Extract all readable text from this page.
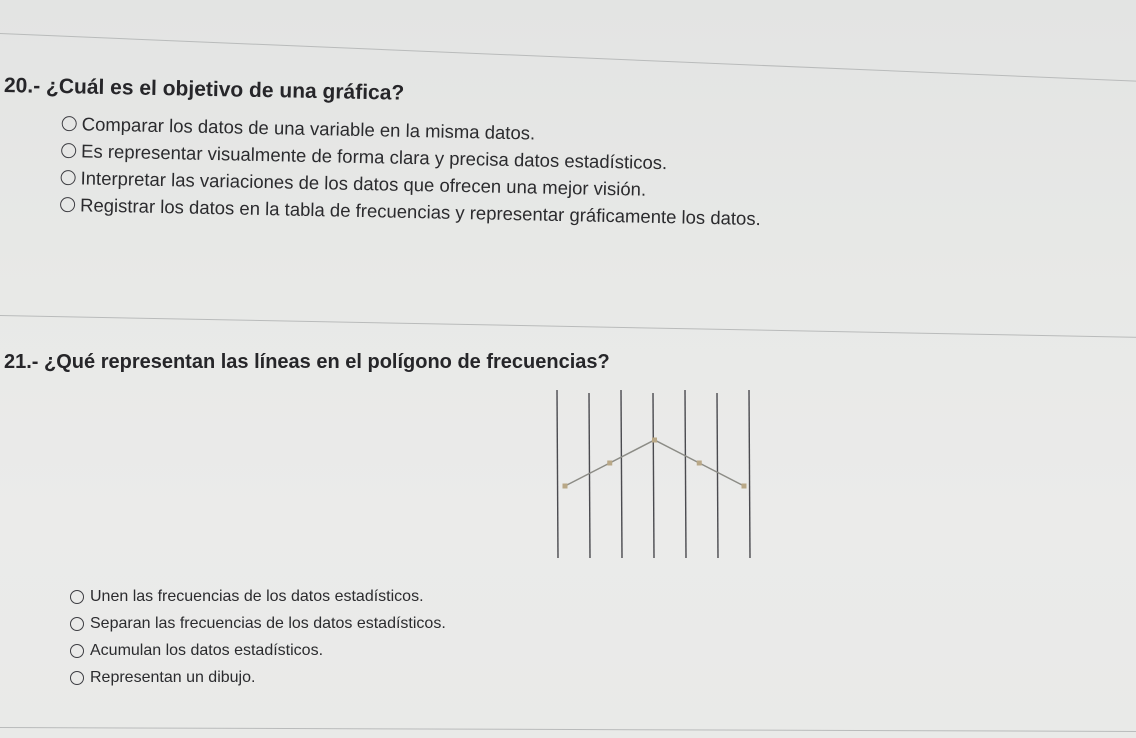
20.- ¿Cuál es el objetivo de una gráfica?
Comparar los datos de una variable en la misma datos.
Es representar visualmente de forma clara y precisa datos estadísticos.
Interpretar las variaciones de los datos que ofrecen una mejor visión.
Registrar los datos en la tabla de frecuencias y representar gráficamente los datos.
21.- ¿Qué representan las líneas en el polígono de frecuencias?
Unen las frecuencias de los datos estadísticos.
Separan las frecuencias de los datos estadísticos.
Acumulan los datos estadísticos.
Representan un dibujo.
